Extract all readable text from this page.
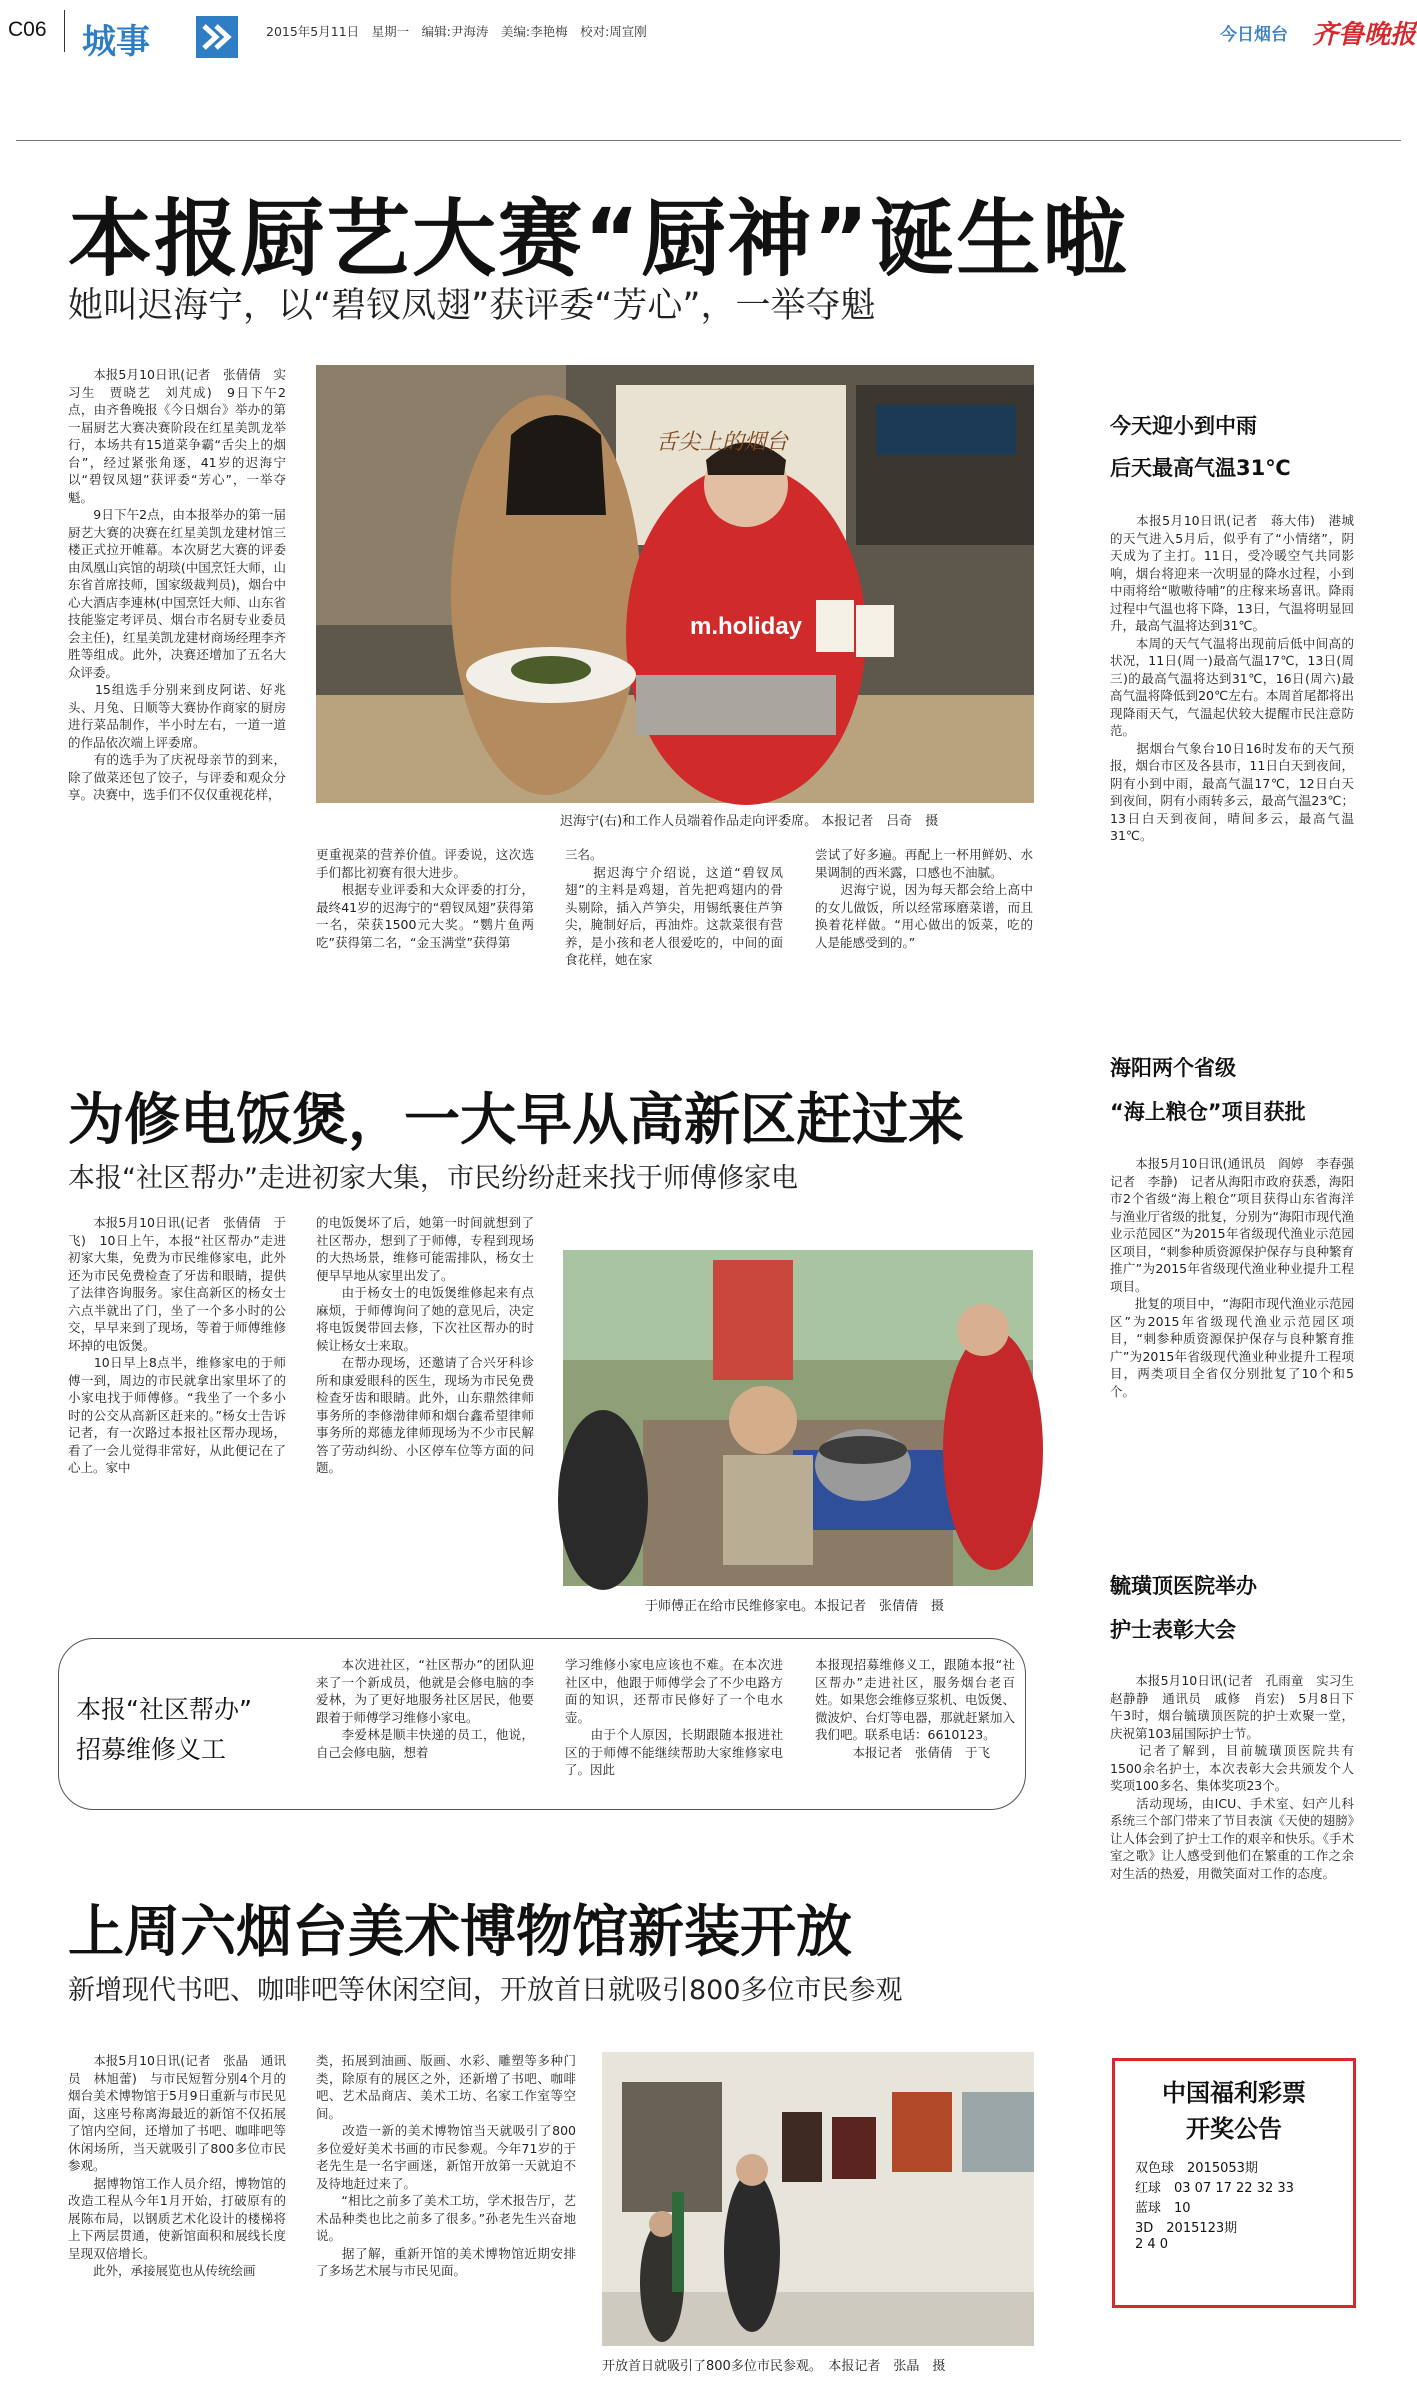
C06 城事	2015年5月11日　星期一　编辑:尹海涛　美编:李艳梅　校对:周宣刚	今日烟台 齐鲁晚报
本报厨艺大赛“厨神”诞生啦
她叫迟海宁，以“碧钗凤翅”获评委“芳心”，一举夺魁
舌尖上的烟台
m.holiday
迟海宁(右)和工作人员端着作品走向评委席。 本报记者　吕奇　摄
　　本报5月10日讯(记者　张倩倩　实习生　贾晓艺　刘芃成)　9日下午2点，由齐鲁晚报《今日烟台》举办的第一届厨艺大赛决赛阶段在红星美凯龙举行，本场共有15道菜争霸“舌尖上的烟台”，经过紧张角逐，41岁的迟海宁以“碧钗凤翅”获评委“芳心”，一举夺魁。
　　9日下午2点，由本报举办的第一届厨艺大赛的决赛在红星美凯龙建材馆三楼正式拉开帷幕。本次厨艺大赛的评委由凤凰山宾馆的胡琰(中国烹饪大师，山东省首席技师，国家级裁判员)，烟台中心大酒店李連林(中国烹饪大师、山东省技能鉴定考评员、烟台市名厨专业委员会主任)，红星美凯龙建材商场经理李齐胜等组成。此外，决赛还增加了五名大众评委。
　　15组选手分别来到皮阿诺、好兆头、月兔、日顺等大赛协作商家的厨房进行菜品制作，半小时左右，一道一道的作品依次端上评委席。
　　有的选手为了庆祝母亲节的到来，除了做菜还包了饺子，与评委和观众分享。决赛中，选手们不仅仅重视花样，
更重视菜的营养价值。评委说，这次选手们都比初赛有很大进步。
　　根据专业评委和大众评委的打分，最终41岁的迟海宁的“碧钗凤翅”获得第一名，荣获1500元大奖。“鹦片鱼两吃”获得第二名，“金玉满堂”获得第
三名。
　　据迟海宁介绍说，这道“碧钗凤翅”的主料是鸡翅，首先把鸡翅内的骨头剔除，插入芦笋尖，用锡纸裹住芦笋尖，腌制好后，再油炸。这款菜很有营养，是小孩和老人很爱吃的，中间的面食花样，她在家
尝试了好多遍。再配上一杯用鲜奶、水果调制的西米露，口感也不油腻。
　　迟海宁说，因为每天都会给上高中的女儿做饭，所以经常琢磨菜谱，而且换着花样做。“用心做出的饭菜，吃的人是能感受到的。”
为修电饭煲，一大早从高新区赶过来
本报“社区帮办”走进初家大集，市民纷纷赶来找于师傅修家电
于师傅正在给市民维修家电。本报记者　张倩倩　摄
　　本报5月10日讯(记者　张倩倩　于飞)　10日上午，本报“社区帮办”走进初家大集，免费为市民维修家电，此外还为市民免费检查了牙齿和眼睛，提供了法律咨询服务。家住高新区的杨女士六点半就出了门，坐了一个多小时的公交，早早来到了现场，等着于师傅维修坏掉的电饭煲。
　　10日早上8点半，维修家电的于师傅一到，周边的市民就拿出家里坏了的小家电找于师傅修。“我坐了一个多小时的公交从高新区赶来的。”杨女士告诉记者，有一次路过本报社区帮办现场，看了一会儿觉得非常好，从此便记在了心上。家中
的电饭煲坏了后，她第一时间就想到了社区帮办，想到了于师傅，专程到现场的大热场景，维修可能需排队，杨女士便早早地从家里出发了。
　　由于杨女士的电饭煲维修起来有点麻烦，于师傅询问了她的意见后，决定将电饭煲带回去修，下次社区帮办的时候让杨女士来取。
　　在帮办现场，还邀请了合兴牙科诊所和康爱眼科的医生，现场为市民免费检查牙齿和眼睛。此外，山东鼎然律师事务所的李修渤律师和烟台鑫希望律师事务所的郑德龙律师现场为不少市民解答了劳动纠纷、小区停车位等方面的问题。
本报“社区帮办”
招募维修义工
　　本次进社区，“社区帮办”的团队迎来了一个新成员，他就是会修电脑的李爱林，为了更好地服务社区居民，他要跟着于师傅学习维修小家电。
　　李爱林是顺丰快递的员工，他说，自己会修电脑，想着
学习维修小家电应该也不难。在本次进社区中，他跟于师傅学会了不少电路方面的知识，还帮市民修好了一个电水壶。
　　由于个人原因，长期跟随本报进社区的于师傅不能继续帮助大家维修家电了。因此
本报现招募维修义工，跟随本报“社区帮办”走进社区，服务烟台老百姓。如果您会维修豆浆机、电饭煲、微波炉、台灯等电器，那就赶紧加入我们吧。联系电话：6610123。
　　　本报记者　张倩倩　于飞
上周六烟台美术博物馆新装开放
新增现代书吧、咖啡吧等休闲空间，开放首日就吸引800多位市民参观
开放首日就吸引了800多位市民参观。　本报记者　张晶　摄
　　本报5月10日讯(记者　张晶　通讯员　林旭蕾)　与市民短暂分别4个月的烟台美术博物馆于5月9日重新与市民见面，这座号称离海最近的新馆不仅拓展了馆内空间，还增加了书吧、咖啡吧等休闲场所，当天就吸引了800多位市民参观。
　　据博物馆工作人员介绍，博物馆的改造工程从今年1月开始，打破原有的展陈布局，以钢质艺术化设计的楼梯将上下两层贯通，使新馆面积和展线长度呈现双倍增长。
　　此外，承接展览也从传统绘画
类，拓展到油画、版画、水彩、雕塑等多种门类，除原有的展区之外，还新增了书吧、咖啡吧、艺术品商店、美术工坊、名家工作室等空间。
　　改造一新的美术博物馆当天就吸引了800多位爱好美术书画的市民参观。今年71岁的于老先生是一名宇画迷，新馆开放第一天就迫不及待地赶过来了。
　　“相比之前多了美术工坊，学术报告厅，艺术品种类也比之前多了很多。”孙老先生兴奋地说。
　　据了解，重新开馆的美术博物馆近期安排了多场艺术展与市民见面。
今天迎小到中雨
后天最高气温31℃
　　本报5月10日讯(记者　蒋大伟)　港城的天气进入5月后，似乎有了“小情绪”，阴天成为了主打。11日，受冷暖空气共同影响，烟台将迎来一次明显的降水过程，小到中雨将给“嗷嗷待哺”的庄稼来场喜讯。降雨过程中气温也将下降，13日，气温将明显回升，最高气温将达到31℃。
　　本周的天气气温将出现前后低中间高的状况，11日(周一)最高气温17℃，13日(周三)的最高气温将达到31℃，16日(周六)最高气温将降低到20℃左右。本周首尾都将出现降雨天气，气温起伏较大提醒市民注意防范。
　　据烟台气象台10日16时发布的天气预报，烟台市区及各县市，11日白天到夜间，阴有小到中雨，最高气温17℃，12日白天到夜间，阴有小雨转多云，最高气温23℃；13日白天到夜间，晴间多云，最高气温31℃。
海阳两个省级
“海上粮仓”项目获批
　　本报5月10日讯(通讯员　阎婷　李春强　记者　李静)　记者从海阳市政府获悉，海阳市2个省级“海上粮仓”项目获得山东省海洋与渔业厅省级的批复，分别为“海阳市现代渔业示范园区”为2015年省级现代渔业示范园区项目，“刺参种质资源保护保存与良种繁育推广”为2015年省级现代渔业种业提升工程项目。
　　批复的项目中，“海阳市现代渔业示范园区”为2015年省级现代渔业示范园区项目，“刺参种质资源保护保存与良种繁育推广”为2015年省级现代渔业种业提升工程项目，两类项目全省仅分别批复了10个和5个。
毓璜顶医院举办
护士表彰大会
　　本报5月10日讯(记者　孔雨童　实习生　赵静静　通讯员　戚修　肖宏)　5月8日下午3时，烟台毓璜顶医院的护士欢聚一堂，庆祝第103届国际护士节。
　　记者了解到，目前毓璜顶医院共有1500余名护士，本次表彰大会共颁发个人奖项100多名、集体奖项23个。
　　活动现场，由ICU、手术室、妇产儿科系统三个部门带来了节目表演《天使的翅膀》让人体会到了护士工作的艰辛和快乐。《手术室之歌》让人感受到他们在繁重的工作之余对生活的热爱，用微笑面对工作的态度。
中国福利彩票
开奖公告
双色球　2015053期
红球　03 07 17 22 32 33
蓝球　10
3D　2015123期
2 4 0
